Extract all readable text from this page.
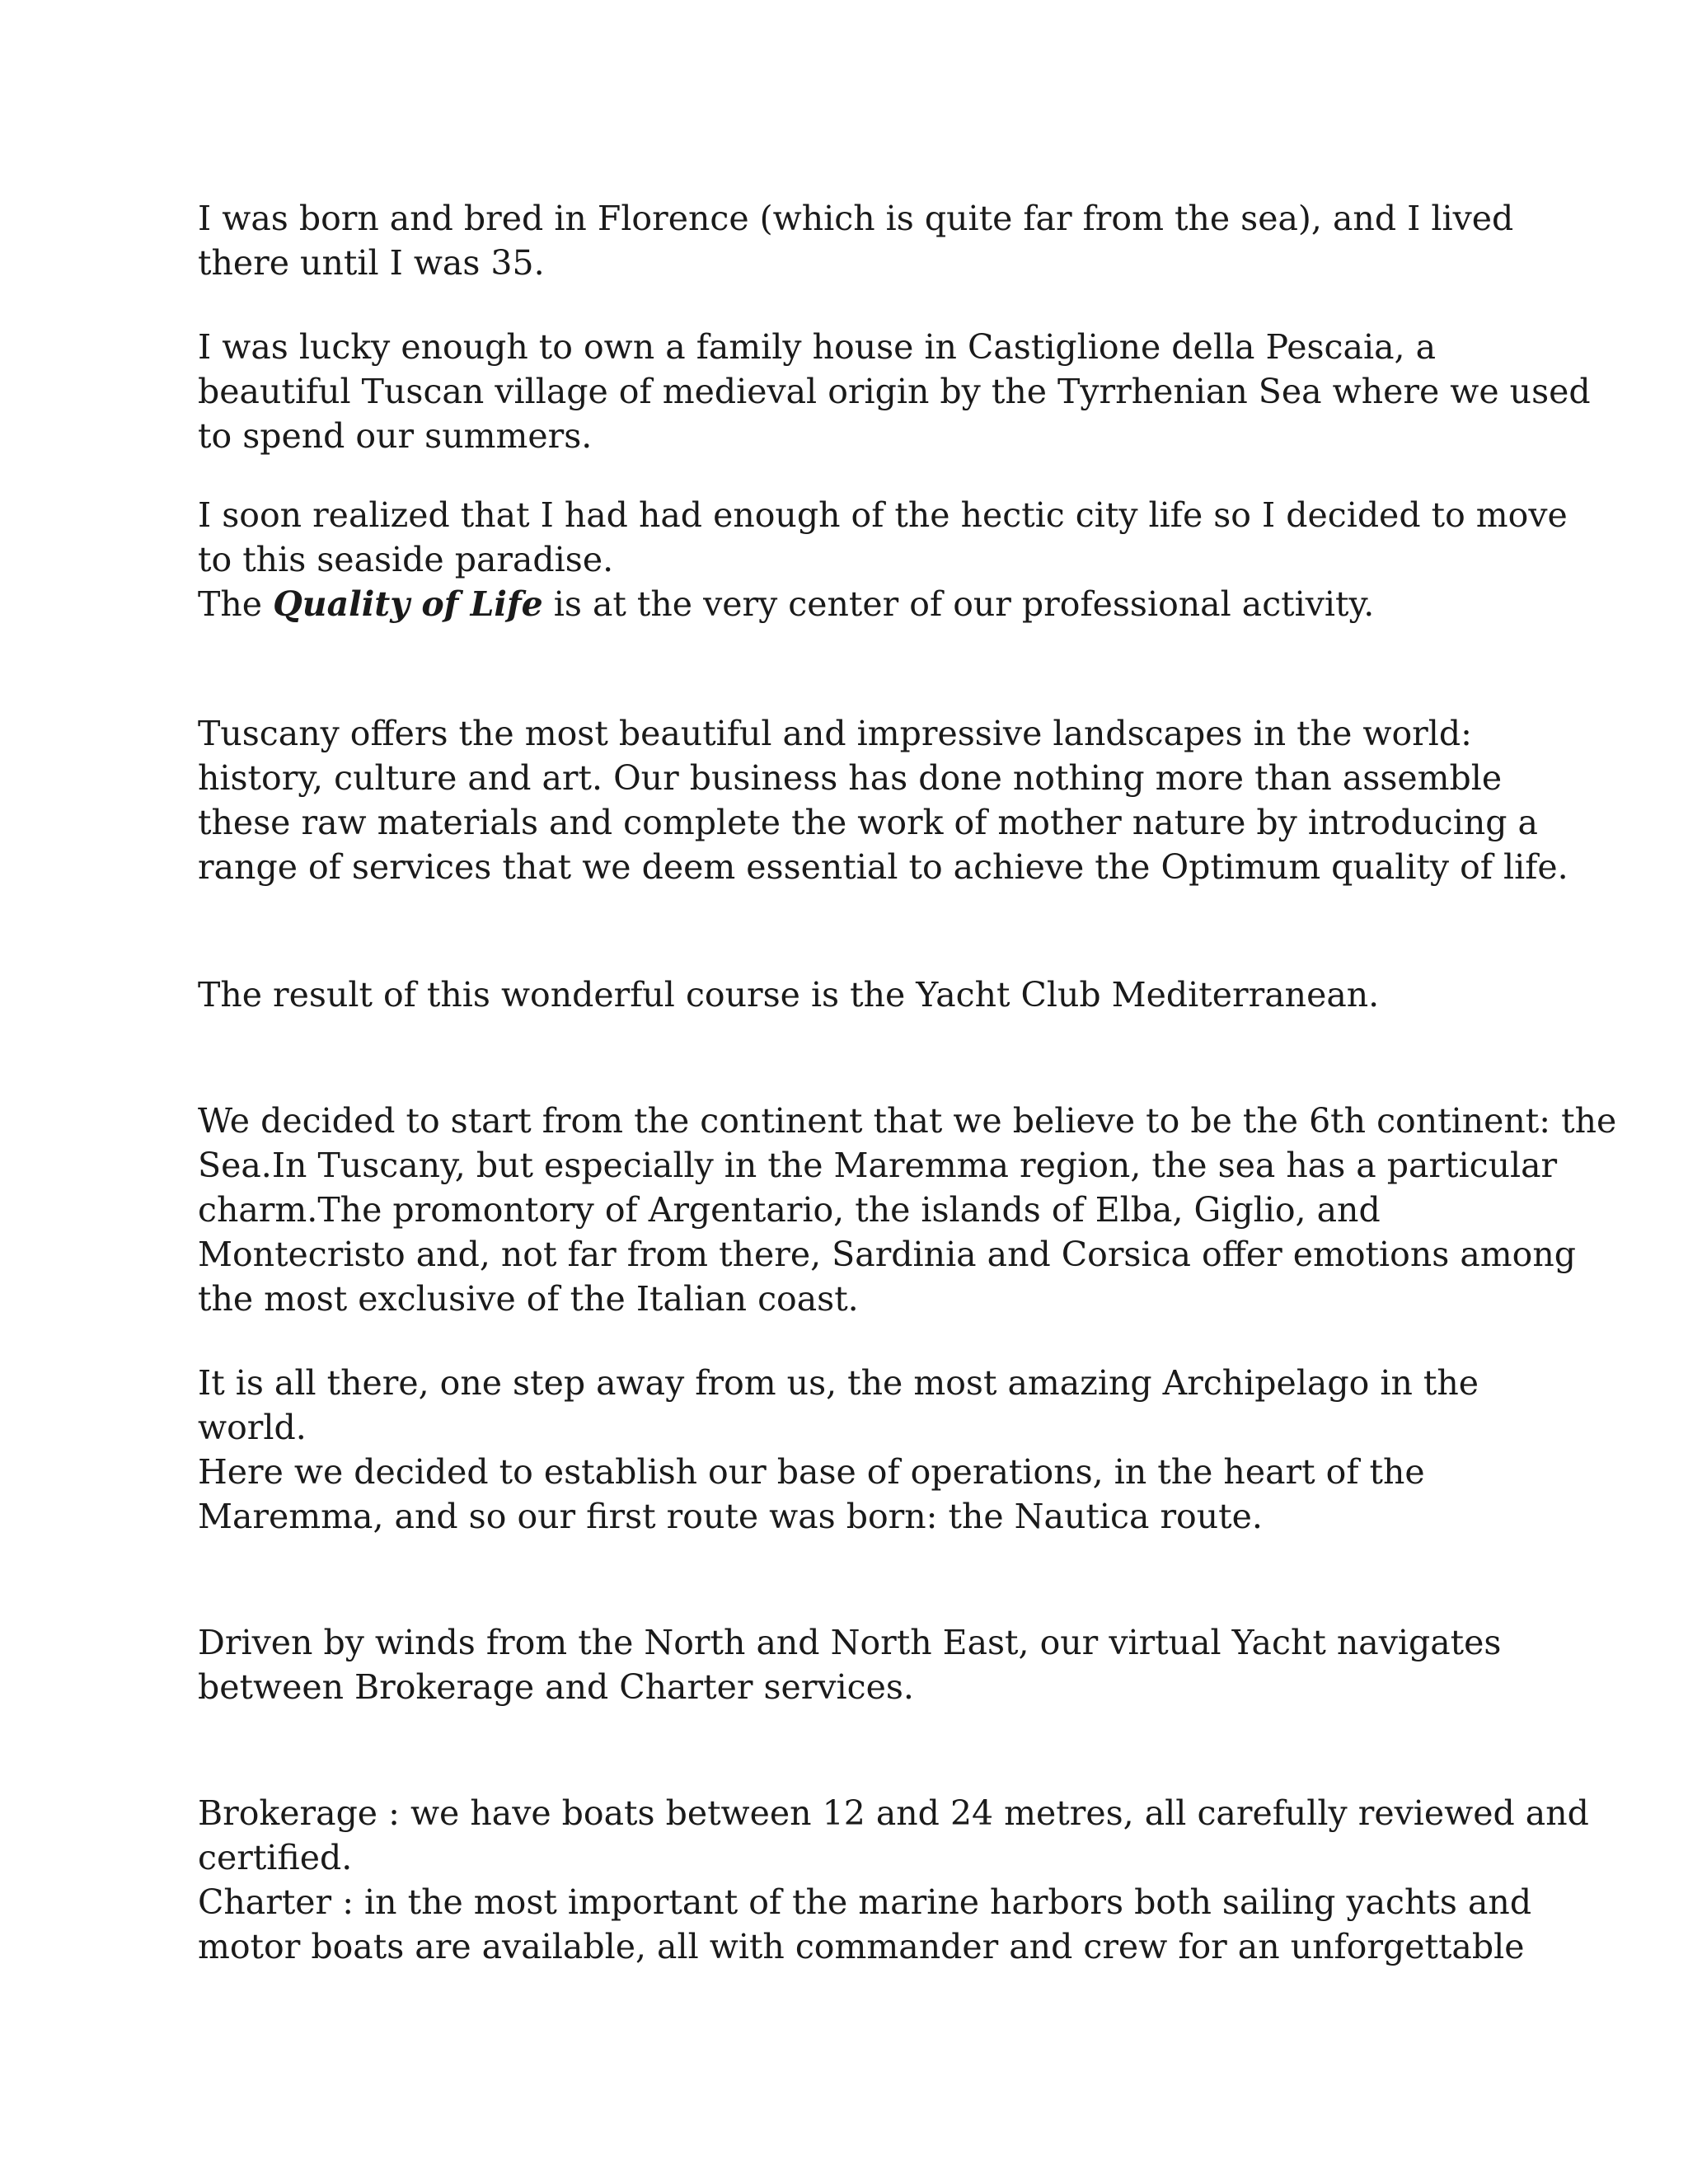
I was born and bred in Florence (which is quite far from the sea), and I lived
there until I was 35.
I was lucky enough to own a family house in Castiglione della Pescaia, a
beautiful Tuscan village of medieval origin by the Tyrrhenian Sea where we used
to spend our summers.
I soon realized that I had had enough of the hectic city life so I decided to move
to this seaside paradise.
The Quality of Life is at the very center of our professional activity.
Tuscany offers the most beautiful and impressive landscapes in the world:
history, culture and art. Our business has done nothing more than assemble
these raw materials and complete the work of mother nature by introducing a
range of services that we deem essential to achieve the Optimum quality of life.
The result of this wonderful course is the Yacht Club Mediterranean.
We decided to start from the continent that we believe to be the 6th continent: the
Sea.In Tuscany, but especially in the Maremma region, the sea has a particular
charm.The promontory of Argentario, the islands of Elba, Giglio, and
Montecristo and, not far from there, Sardinia and Corsica offer emotions among
the most exclusive of the Italian coast.
It is all there, one step away from us, the most amazing Archipelago in the
world.
Here we decided to establish our base of operations, in the heart of the
Maremma, and so our first route was born: the Nautica route.
Driven by winds from the North and North East, our virtual Yacht navigates
between Brokerage and Charter services.
Brokerage : we have boats between 12 and 24 metres, all carefully reviewed and
certified.
Charter : in the most important of the marine harbors both sailing yachts and
motor boats are available, all with commander and crew for an unforgettable
